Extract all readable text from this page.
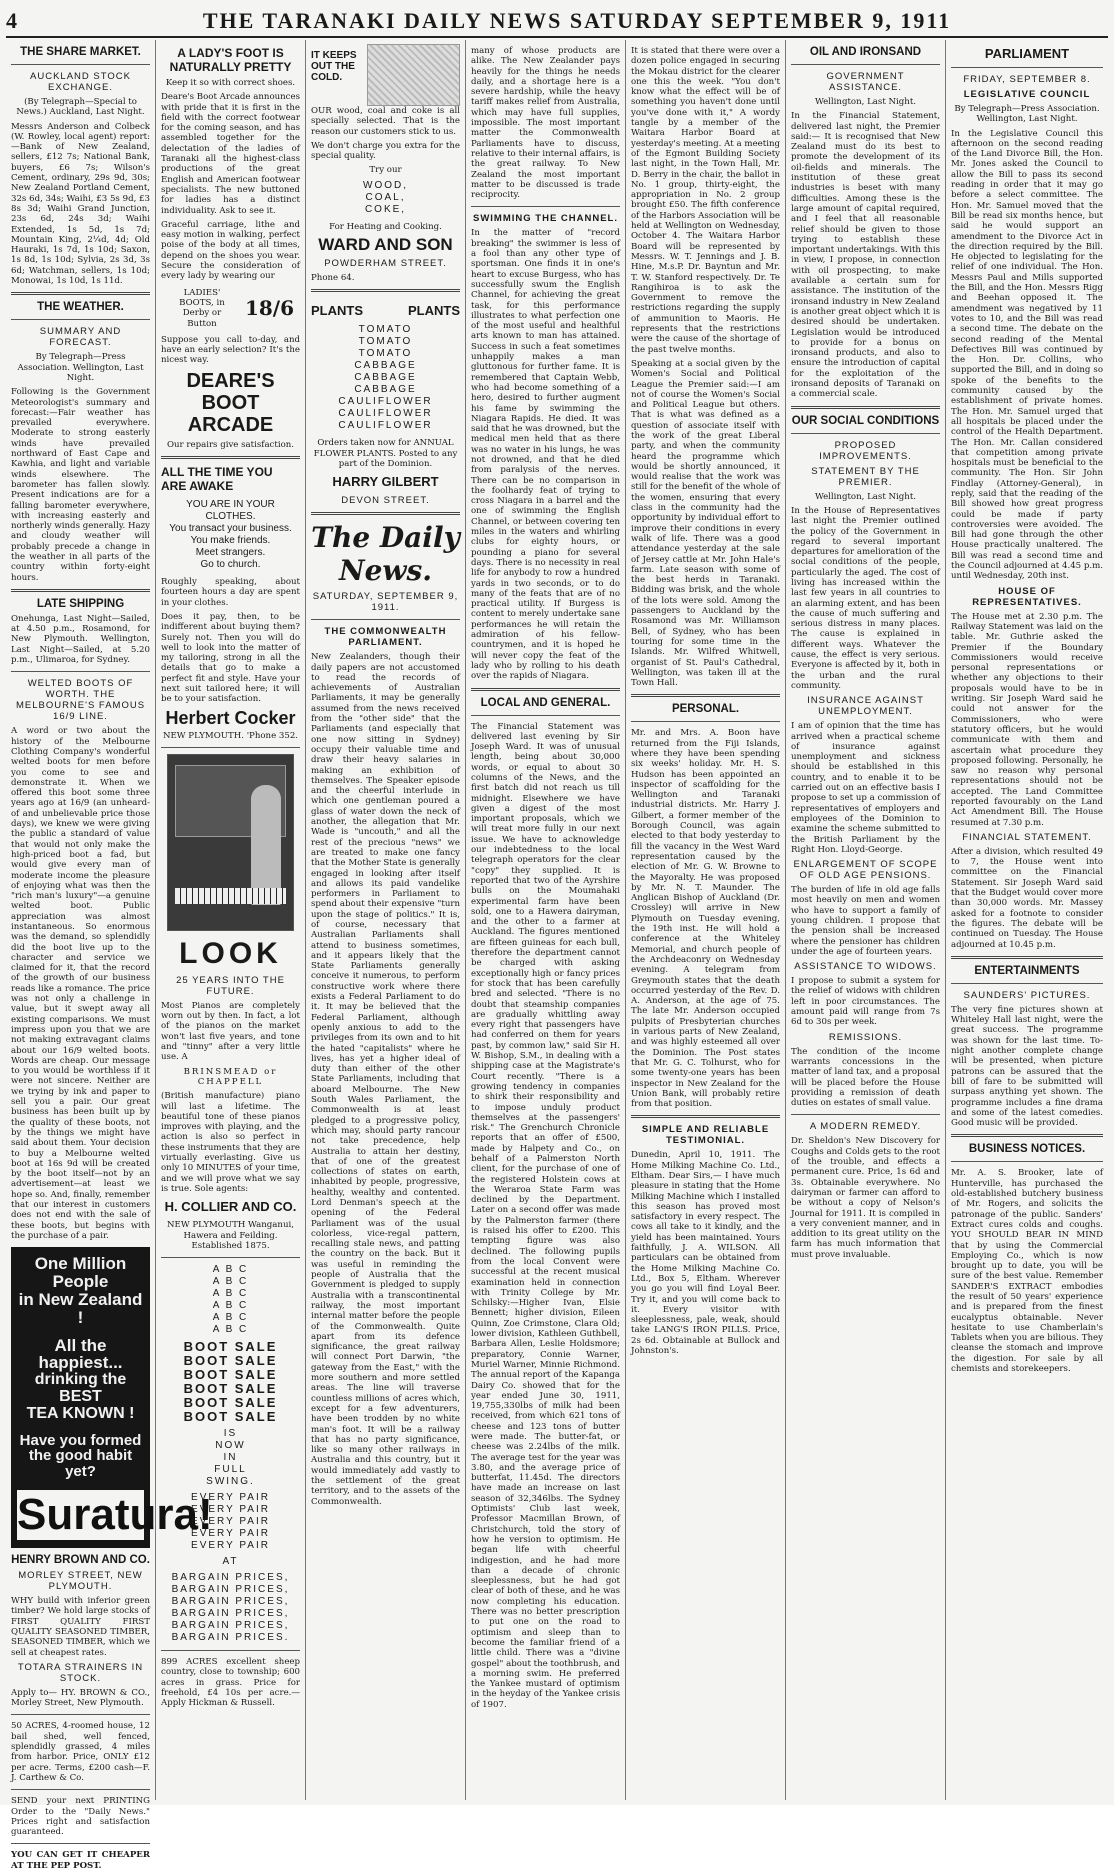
4	THE TARANAKI DAILY NEWS SATURDAY SEPTEMBER 9, 1911
THE SHARE MARKET.
AUCKLAND STOCK EXCHANGE.

(By Telegraph—Special to News.) Auckland, Last Night.

Messrs Anderson and Colbeck (W. Rowley, local agent) report:—Bank of New Zealand, sellers, £12 7s; National Bank, buyers, £6 7s; Wilson's Cement, ordinary, 29s 9d, 30s; New Zealand Portland Cement, 32s 6d, 34s; Waihi, £3 5s 9d, £3 8s 3d; Waihi Grand Junction, 23s 6d, 24s 3d; Waihi Extended, 1s 5d, 1s 7d; Mountain King, 2¼d, 4d; Old Hauraki, 1s 7d, 1s 10d; Saxon, 1s 8d, 1s 10d; Sylvia, 2s 3d, 3s 6d; Watchman, sellers, 1s 10d; Monowai, 1s 10d, 1s 11d.

THE WEATHER.
SUMMARY AND FORECAST.

By Telegraph—Press Association. Wellington, Last Night.

Following is the Government Meteorologist's summary and forecast:—Fair weather has prevailed everywhere. Moderate to strong easterly winds have prevailed northward of East Cape and Kawhia, and light and variable winds elsewhere. The barometer has fallen slowly. Present indications are for a falling barometer everywhere, with increasing easterly and northerly winds generally. Hazy and cloudy weather will probably precede a change in the weather in all parts of the country within forty-eight hours.

LATE SHIPPING

Onehunga, Last Night—Sailed, at 4.50 p.m., Rosamond, for New Plymouth. Wellington, Last Night—Sailed, at 5.20 p.m., Ulimaroa, for Sydney.

WELTED BOOTS OF WORTH. THE MELBOURNE'S FAMOUS 16/9 LINE.

A word or two about the history of the Melbourne Clothing Company's wonderful welted boots for men before you come to see and demonstrate it. When we offered this boot some three years ago at 16/9 (an unheard-of and unbelievable price those days), we knew we were giving the public a standard of value that would not only make the high-priced boot a fad, but would give every man of moderate income the pleasure of enjoying what was then the "rich man's luxury"—a genuine welted boot. Public appreciation was almost instantaneous. So enormous was the demand, so splendidly did the boot live up to the character and service we claimed for it, that the record of the growth of our business reads like a romance. The price was not only a challenge in value, but it swept away all existing comparisons. We must impress upon you that we are not making extravagant claims about our 16/9 welted boots. Words are cheap. Our message to you would be worthless if it were not sincere. Neither are we trying by ink and paper to sell you a pair. Our great business has been built up by the quality of these boots, not by the things we might have said about them. Your decision to buy a Melbourne welted boot at 16s 9d will be created by the boot itself—not by an advertisement—at least we hope so. And, finally, remember that our interest in customers does not end with the sale of these boots, but begins with the purchase of a pair.

One Million People
in New Zealand !
All the happiest...
drinking the BEST
TEA KNOWN !
Have you formed
the good habit yet?
Suratura!
HENRY BROWN AND CO.
MORLEY STREET, NEW PLYMOUTH.

WHY build with inferior green timber? We hold large stocks of FIRST QUALITY FIRST QUALITY SEASONED TIMBER, SEASONED TIMBER, which we sell at cheapest rates.

TOTARA STRAINERS IN STOCK.

Apply to— HY. BROWN & CO., Morley Street, New Plymouth.

50 ACRES, 4-roomed house, 12 bail shed, well fenced, splendidly grassed, 4 miles from harbor. Price, ONLY £12 per acre. Terms, £200 cash—F. J. Carthew & Co.

SEND your next PRINTING Order to the "Daily News." Prices right and satisfaction guaranteed.

YOU CAN GET IT CHEAPER AT THE PEP POST.

A LADY'S FOOT IS NATURALLY PRETTY

Keep it so with correct shoes.

Deare's Boot Arcade announces with pride that it is first in the field with the correct footwear for the coming season, and has assembled together for the delectation of the ladies of Taranaki all the highest-class productions of the great English and American footwear specialists. The new buttoned for ladies has a distinct individuality. Ask to see it.

Graceful carriage, lithe and easy motion in walking, perfect poise of the body at all times, depend on the shoes you wear. Secure the consideration of every lady by wearing our

LADIES' BOOTS, in Derby or Button

18/6

Suppose you call to-day, and have an early selection? It's the nicest way.

DEARE'S BOOT ARCADE

Our repairs give satisfaction.

ALL THE TIME YOU ARE AWAKE
YOU ARE IN YOUR CLOTHES.
You transact your business.
You make friends.
Meet strangers.
Go to church.

Roughly speaking, about fourteen hours a day are spent in your clothes.

Does it pay, then, to be indifferent about buying them? Surely not. Then you will do well to look into the matter of my tailoring, strong in all the details that go to make a perfect fit and style. Have your next suit tailored here; it will be to your satisfaction.

Herbert Cocker

NEW PLYMOUTH. 'Phone 352.

LOOK
25 YEARS INTO THE FUTURE.

Most Pianos are completely worn out by then. In fact, a lot of the pianos on the market won't last five years, and tone and "tinny" after a very little use. A

BRINSMEAD or CHAPPELL

(British manufacture) piano will last a lifetime. The beautiful tone of these pianos improves with playing, and the action is also so perfect in these instruments that they are virtually everlasting. Give us only 10 MINUTES of your time, and we will prove what we say is true. Sole agents:

H. COLLIER AND CO.

NEW PLYMOUTH Wanganui, Hawera and Feilding. Established 1875.

A B C
A B C
A B C
A B C
A B C
A B C
BOOT SALE
BOOT SALE
BOOT SALE
BOOT SALE
BOOT SALE
BOOT SALE
IS
NOW
IN
FULL
SWING.
EVERY PAIR
EVERY PAIR
EVERY PAIR
EVERY PAIR
EVERY PAIR
AT
BARGAIN PRICES,
BARGAIN PRICES,
BARGAIN PRICES,
BARGAIN PRICES,
BARGAIN PRICES,
BARGAIN PRICES.

899 ACRES excellent sheep country, close to township; 600 acres in grass. Price for freehold, £4 10s per acre.—Apply Hickman & Russell.

IT KEEPS OUT THE COLD.

OUR wood, coal and coke is all specially selected. That is the reason our customers stick to us.

We don't charge you extra for the special quality.

Try our

WOOD,
COAL,
COKE,

For Heating and Cooking.

WARD AND SON
POWDERHAM STREET.

Phone 64.

PLANTS	PLANTS
TOMATO
TOMATO
TOMATO
CABBAGE
CABBAGE
CABBAGE
CAULIFLOWER
CAULIFLOWER
CAULIFLOWER

Orders taken now for ANNUAL FLOWER PLANTS. Posted to any part of the Dominion.

HARRY GILBERT
DEVON STREET.
The Daily News.
SATURDAY, SEPTEMBER 9, 1911.
THE COMMONWEALTH PARLIAMENT.

New Zealanders, though their daily papers are not accustomed to read the records of achievements of Australian Parliaments, it may be generally assumed from the news received from the "other side" that the Parliaments (and especially that one now sitting in Sydney) occupy their valuable time and draw their heavy salaries in making an exhibition of themselves. The Speaker episode and the cheerful interlude in which one gentleman poured a glass of water down the neck of another, the allegation that Mr. Wade is "uncouth," and all the rest of the precious "news" we are treated to make one fancy that the Mother State is generally engaged in looking after itself and allows its paid vandelike performers in Parliament to spend about their expensive "turn upon the stage of politics." It is, of course, necessary that Australian Parliaments shall attend to business sometimes, and it appears likely that the State Parliaments generally conceive it numerous, to perform constructive work where there exists a Federal Parliament to do it. It may be believed that the Federal Parliament, although openly anxious to add to the privileges from its own and to hit the hated "capitalists" where he lives, has yet a higher ideal of duty than either of the other State Parliaments, including that aboard Melbourne. The New South Wales Parliament, the Commonwealth is at least pledged to a progressive policy, which may, should party rancour not take precedence, help Australia to attain her destiny, that of one of the greatest collections of states on earth, inhabited by people, progressive, healthy, wealthy and contented. Lord Denman's speech at the opening of the Federal Parliament was of the usual colorless, vice-regal pattern, recalling stale news, and patting the country on the back. But it was useful in reminding the people of Australia that the Government is pledged to supply Australia with a transcontinental railway, the most important internal matter before the people of the Commonwealth. Quite apart from its defence significance, the great railway will connect Port Darwin, "the gateway from the East," with the more southern and more settled areas. The line will traverse countless millions of acres which, except for a few adventurers, have been trodden by no white man's foot. It will be a railway that has no party significance, like so many other railways in Australia and this country, but it would immediately add vastly to the settlement of the great territory, and to the assets of the Commonwealth.

many of whose products are alike. The New Zealander pays heavily for the things he needs daily, and a shortage here is a severe hardship, while the heavy tariff makes relief from Australia, which may have full supplies, impossible. The most important matter the Commonwealth Parliaments have to discuss, relative to their internal affairs, is the great railway. To New Zealand the most important matter to be discussed is trade reciprocity.

SWIMMING THE CHANNEL.

In the matter of "record breaking" the swimmer is less of a fool than any other type of sportsman. One finds it in one's heart to excuse Burgess, who has successfully swum the English Channel, for achieving the great task, for this performance illustrates to what perfection one of the most useful and healthful arts known to man has attained. Success in such a feat sometimes unhappily makes a man gluttonous for further fame. It is remembered that Captain Webb, who had become something of a hero, desired to further augment his fame by swimming the Niagara Rapids. He died. It was said that he was drowned, but the medical men held that as there was no water in his lungs, he was not drowned, and that he died from paralysis of the nerves. There can be no comparison in the foolhardy feat of trying to cross Niagara in a barrel and the one of swimming the English Channel, or between covering ten miles in the waters and whirling clubs for eighty hours, or pounding a piano for several days. There is no necessity in real life for anybody to row a hundred yards in two seconds, or to do many of the feats that are of no practical utility. If Burgess is content to merely undertake sane performances he will retain the admiration of his fellow-countrymen, and it is hoped he will never copy the feat of the lady who by rolling to his death over the rapids of Niagara.

LOCAL AND GENERAL.

The Financial Statement was delivered last evening by Sir Joseph Ward. It was of unusual length, being about 30,000 words, or equal to about 30 columns of the News, and the first batch did not reach us till midnight. Elsewhere we have given a digest of the most important proposals, which we will treat more fully in our next issue. We have to acknowledge our indebtedness to the local telegraph operators for the clear "copy" they supplied. It is reported that two of the Ayrshire bulls on the Moumahaki experimental farm have been sold, one to a Hawera dairyman, and the other to a farmer at Auckland. The figures mentioned are fifteen guineas for each bull, therefore the department cannot be charged with asking exceptionally high or fancy prices for stock that has been carefully bred and selected. "There is no doubt that steamship companies are gradually whittling away every right that passengers have had conferred on them for years past, by common law," said Sir H. W. Bishop, S.M., in dealing with a shipping case at the Magistrate's Court recently. "There is a growing tendency in companies to shirk their responsibility and to impose unduly product themselves at the passengers' risk." The Grenchurch Chronicle reports that an offer of £500, made by Halpety and Co., on behalf of a Palmerston North client, for the purchase of one of the registered Holstein cows at the Weraroa State Farm was declined by the Department. Later on a second offer was made by the Palmerston farmer (there is raised his offer to £200. This tempting figure was also declined. The following pupils from the local Convent were successful at the recent musical examination held in connection with Trinity College by Mr. Schilsky:—Higher Ivan, Elsie Bennett; higher division, Eileen Quinn, Zoe Crimstone, Clara Old; lower division, Kathleen Guthbell, Barbara Allen, Leslie Holdsmore; preparatory, Connie Warner, Muriel Warner, Minnie Richmond. The annual report of the Kapanga Dairy Co. showed that for the year ended June 30, 1911, 19,755,330lbs of milk had been received, from which 621 tons of cheese and 123 tons of butter were made. The butter-fat, or cheese was 2.24lbs of the milk. The average test for the year was 3.80, and the average price of butterfat, 11.45d. The directors have made an increase on last season of 32,346lbs. The Sydney Optimists' Club last week, Professor Macmillan Brown, of Christchurch, told the story of how he version to optimism. He began life with cheerful indigestion, and he had more than a decade of chronic sleeplessness, but he had got clear of both of these, and he was now completing his education. There was no better prescription to put one on the road to optimism and sleep than to become the familiar friend of a little child. There was a "divine gospel" about the toothbrush, and a morning swim. He preferred the Yankee mustard of optimism in the heyday of the Yankee crisis of 1907.

It is stated that there were over a dozen police engaged in securing the Mokau district for the clearer one this the week. "You don't know what the effect will be of something you haven't done until you've done with it," A wordy tangle by a member of the Waitara Harbor Board at yesterday's meeting. At a meeting of the Egmont Building Society last night, in the Town Hall, Mr. D. Berry in the chair, the ballot in No. 1 group, thirty-eight, the appropriation in No. 2 group brought £50. The fifth conference of the Harbors Association will be held at Wellington on Wednesday, October 4. The Waitara Harbor Board will be represented by Messrs. W. T. Jennings and J. B. Hine, M.s.P. Dr. Bayntun and Mr. T. W. Stanford respectively. Dr. Te Rangihiroa is to ask the Government to remove the restrictions regarding the supply of ammunition to Maoris. He represents that the restrictions were the cause of the shortage of the past twelve months.

Speaking at a social given by the Women's Social and Political League the Premier said:—I am not of course the Women's Social and Political League but others. That is what was defined as a question of associate itself with the work of the great Liberal party, and when the community heard the programme which would be shortly announced, it would realise that the work was still for the benefit of the whole of the women, ensuring that every class in the community had the opportunity by individual effort to improve their conditions in every walk of life. There was a good attendance yesterday at the sale of Jersey cattle at Mr. John Hale's farm. Late season with some of the best herds in Taranaki. Bidding was brisk, and the whole of the lots were sold. Among the passengers to Auckland by the Rosamond was Mr. Williamson Bell, of Sydney, who has been touring for some time in the Islands. Mr. Wilfred Whitwell, organist of St. Paul's Cathedral, Wellington, was taken ill at the Town Hall.

PERSONAL.

Mr. and Mrs. A. Boon have returned from the Fiji Islands, where they have been spending six weeks' holiday. Mr. H. S. Hudson has been appointed an inspector of scaffolding for the Wellington and Taranaki industrial districts. Mr. Harry J. Gilbert, a former member of the Borough Council, was again elected to that body yesterday to fill the vacancy in the West Ward representation caused by the election of Mr. G. W. Browne to the Mayoralty. He was proposed by Mr. N. T. Maunder. The Anglican Bishop of Auckland (Dr. Crossley) will arrive in New Plymouth on Tuesday evening, the 19th inst. He will hold a conference at the Whiteley Memorial, and church people of the Archdeaconry on Wednesday evening. A telegram from Greymouth states that the death occurred yesterday of the Rev. D. A. Anderson, at the age of 75. The late Mr. Anderson occupied pulpits of Presbyterian churches in various parts of New Zealand, and was highly esteemed all over the Dominion. The Post states that Mr. G. C. Tolhurst, who for some twenty-one years has been inspector in New Zealand for the Union Bank, will probably retire from that position.

SIMPLE AND RELIABLE TESTIMONIAL.

Dunedin, April 10, 1911. The Home Milking Machine Co. Ltd., Eltham. Dear Sirs,— I have much pleasure in stating that the Home Milking Machine which I installed this season has proved most satisfactory in every respect. The cows all take to it kindly, and the yield has been maintained. Yours faithfully, J. A. WILSON. All particulars can be obtained from the Home Milking Machine Co. Ltd., Box 5, Eltham. Wherever you go you will find Loyal Beer. Try it, and you will come back to it. Every visitor with sleeplessness, pale, weak, should take LANG'S IRON PILLS. Price, 2s 6d. Obtainable at Bullock and Johnston's.

OIL AND IRONSAND
GOVERNMENT ASSISTANCE.

Wellington, Last Night.

In the Financial Statement, delivered last night, the Premier said:— It is recognised that New Zealand must do its best to promote the development of its oil-fields and minerals. The institution of these great industries is beset with many difficulties. Among these is the large amount of capital required, and I feel that all reasonable relief should be given to those trying to establish these important undertakings. With this in view, I propose, in connection with oil prospecting, to make available a certain sum for assistance. The institution of the ironsand industry in New Zealand is another great object which it is desired should be undertaken. Legislation would be introduced to provide for a bonus on ironsand products, and also to ensure the introduction of capital for the exploitation of the ironsand deposits of Taranaki on a commercial scale.

OUR SOCIAL CONDITIONS
PROPOSED IMPROVEMENTS.
STATEMENT BY THE PREMIER.

Wellington, Last Night.

In the House of Representatives last night the Premier outlined the policy of the Government in regard to several important departures for amelioration of the social conditions of the people, particularly the aged. The cost of living has increased within the last few years in all countries to an alarming extent, and has been the cause of much suffering and serious distress in many places. The cause is explained in different ways. Whatever the cause, the effect is very serious. Everyone is affected by it, both in the urban and the rural community.

INSURANCE AGAINST UNEMPLOYMENT.

I am of opinion that the time has arrived when a practical scheme of insurance against unemployment and sickness should be established in this country, and to enable it to be carried out on an effective basis I propose to set up a commission of representatives of employers and employees of the Dominion to examine the scheme submitted to the British Parliament by the Right Hon. Lloyd-George.

ENLARGEMENT OF SCOPE OF OLD AGE PENSIONS.

The burden of life in old age falls most heavily on men and women who have to support a family of young children. I propose that the pension shall be increased where the pensioner has children under the age of fourteen years.

ASSISTANCE TO WIDOWS.

I propose to submit a system for the relief of widows with children left in poor circumstances. The amount paid will range from 7s 6d to 30s per week.

REMISSIONS.

The condition of the income warrants concessions in the matter of land tax, and a proposal will be placed before the House providing a remission of death duties on estates of small value.

A MODERN REMEDY.

Dr. Sheldon's New Discovery for Coughs and Colds gets to the root of the trouble, and effects a permanent cure. Price, 1s 6d and 3s. Obtainable everywhere. No dairyman or farmer can afford to be without a copy of Nelson's Journal for 1911. It is compiled in a very convenient manner, and in addition to its great utility on the farm has much information that must prove invaluable.

PARLIAMENT
FRIDAY, SEPTEMBER 8.
LEGISLATIVE COUNCIL

By Telegraph—Press Association. Wellington, Last Night.

In the Legislative Council this afternoon on the second reading of the Land Divorce Bill, the Hon. Mr. Jones asked the Council to allow the Bill to pass its second reading in order that it may go before a select committee. The Hon. Mr. Samuel moved that the Bill be read six months hence, but said he would support an amendment to the Divorce Act in the direction required by the Bill. He objected to legislating for the relief of one individual. The Hon. Messrs Paul and Mills supported the Bill, and the Hon. Messrs Rigg and Beehan opposed it. The amendment was negatived by 11 votes to 10, and the Bill was read a second time. The debate on the second reading of the Mental Defectives Bill was continued by the Hon. Dr. Collins, who supported the Bill, and in doing so spoke of the benefits to the community caused by the establishment of private homes. The Hon. Mr. Samuel urged that all hospitals be placed under the control of the Health Department. The Hon. Mr. Callan considered that competition among private hospitals must be beneficial to the community. The Hon. Sir John Findlay (Attorney-General), in reply, said that the reading of the Bill showed how great progress could be made if party controversies were avoided. The Bill had gone through the other House practically unaltered. The Bill was read a second time and the Council adjourned at 4.45 p.m. until Wednesday, 20th inst.

HOUSE OF REPRESENTATIVES.

The House met at 2.30 p.m. The Railway Statement was laid on the table. Mr. Guthrie asked the Premier if the Boundary Commissioners would receive personal representations or whether any objections to their proposals would have to be in writing. Sir Joseph Ward said he could not answer for the Commissioners, who were statutory officers, but he would communicate with them and ascertain what procedure they proposed following. Personally, he saw no reason why personal representations should not be accepted. The Land Committee reported favourably on the Land Act Amendment Bill. The House resumed at 7.30 p.m.

FINANCIAL STATEMENT.

After a division, which resulted 49 to 7, the House went into committee on the Financial Statement. Sir Joseph Ward said that the Budget would cover more than 30,000 words. Mr. Massey asked for a footnote to consider the figures. The debate will be continued on Tuesday. The House adjourned at 10.45 p.m.

ENTERTAINMENTS
SAUNDERS' PICTURES.

The very fine pictures shown at Whiteley Hall last night, were the great success. The programme was shown for the last time. To-night another complete change will be presented, when picture patrons can be assured that the bill of fare to be submitted will surpass anything yet shown. The programme includes a fine drama and some of the latest comedies. Good music will be provided.

BUSINESS NOTICES.

Mr. A. S. Brooker, late of Hunterville, has purchased the old-established butchery business of Mr. Rogers, and solicits the patronage of the public. Sanders' Extract cures colds and coughs. YOU SHOULD BEAR IN MIND that by using the Commercial Employing Co., which is now brought up to date, you will be sure of the best value. Remember SANDER'S EXTRACT embodies the result of 50 years' experience and is prepared from the finest eucalyptus obtainable. Never hesitate to use Chamberlain's Tablets when you are bilious. They cleanse the stomach and improve the digestion. For sale by all chemists and storekeepers.
